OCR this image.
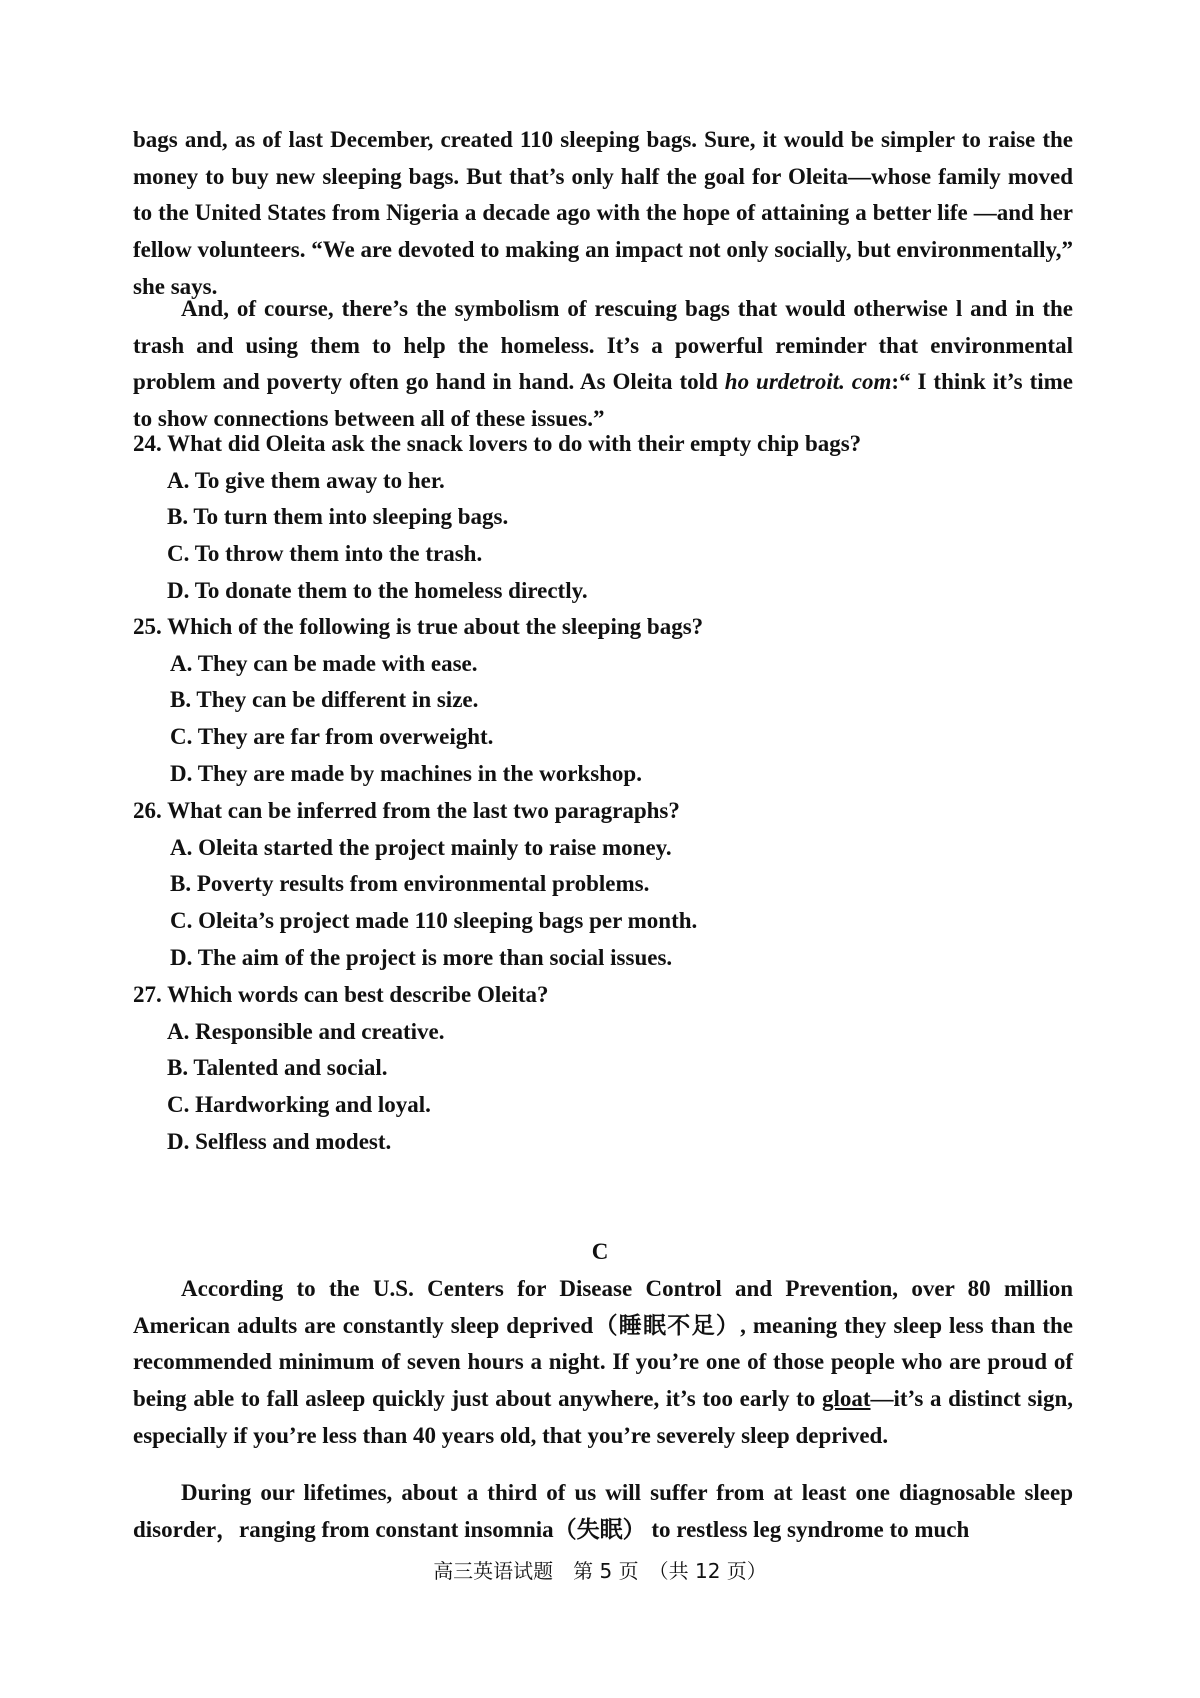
bags and, as of last December, created 110 sleeping bags. Sure, it would be simpler to raise the money to buy new sleeping bags. But that’s only half the goal for Oleita—whose family moved to the United States from Nigeria a decade ago with the hope of attaining a better life —and her fellow volunteers. “We are devoted to making an impact not only socially, but environmentally,” she says.

And, of course, there’s the symbolism of rescuing bags that would otherwise l and in the trash and using them to help the homeless. It’s a powerful reminder that environmental problem and poverty often go hand in hand. As Oleita told ho urdetroit. com:“ I think it’s time to show connections between all of these issues.”

24. What did Oleita ask the snack lovers to do with their empty chip bags?
A. To give them away to her.
B. To turn them into sleeping bags.
C. To throw them into the trash.
D. To donate them to the homeless directly.
25. Which of the following is true about the sleeping bags?
A. They can be made with ease.
B. They can be different in size.
C. They are far from overweight.
D. They are made by machines in the workshop.
26. What can be inferred from the last two paragraphs?
A. Oleita started the project mainly to raise money.
B. Poverty results from environmental problems.
C. Oleita’s project made 110 sleeping bags per month.
D. The aim of the project is more than social issues.
27. Which words can best describe Oleita?
A. Responsible and creative.
B. Talented and social.
C. Hardworking and loyal.
D. Selfless and modest.

C

According to the U.S. Centers for Disease Control and Prevention, over 80 million American adults are constantly sleep deprived（睡眠不足）, meaning they sleep less than the recommended minimum of seven hours a night. If you’re one of those people who are proud of being able to fall asleep quickly just about anywhere, it’s too early to gloat—it’s a distinct sign, especially if you’re less than 40 years old, that you’re severely sleep deprived.

During our lifetimes, about a third of us will suffer from at least one diagnosable sleep disorder，ranging from constant insomnia（失眠） to restless leg syndrome to much

高三英语试题　第 5 页　（共 12 页）
